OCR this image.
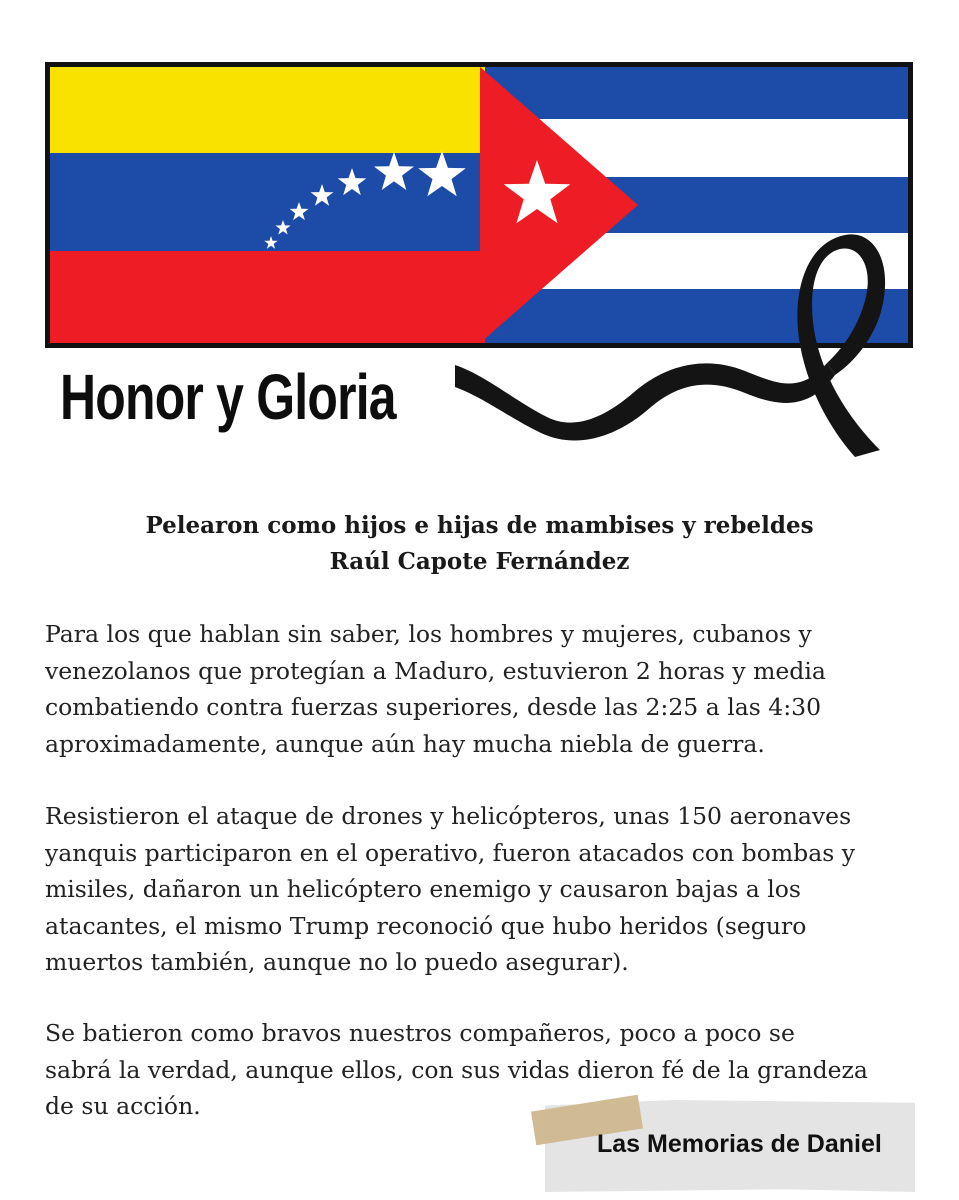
Honor y Gloria
Pelearon como hijos e hijas de mambises y rebeldes
Raúl Capote Fernández
Para los que hablan sin saber, los hombres y mujeres, cubanos y
venezolanos que protegían a Maduro, estuvieron 2 horas y media
combatiendo contra fuerzas superiores, desde las 2:25 a las 4:30
aproximadamente, aunque aún hay mucha niebla de guerra.
Resistieron el ataque de drones y helicópteros, unas 150 aeronaves
yanquis participaron en el operativo, fueron atacados con bombas y
misiles, dañaron un helicóptero enemigo y causaron bajas a los
atacantes, el mismo Trump reconoció que hubo heridos (seguro
muertos también, aunque no lo puedo asegurar).
Se batieron como bravos nuestros compañeros, poco a poco se
sabrá la verdad, aunque ellos, con sus vidas dieron fé de la grandeza
de su acción.

Las Memorias de Daniel
